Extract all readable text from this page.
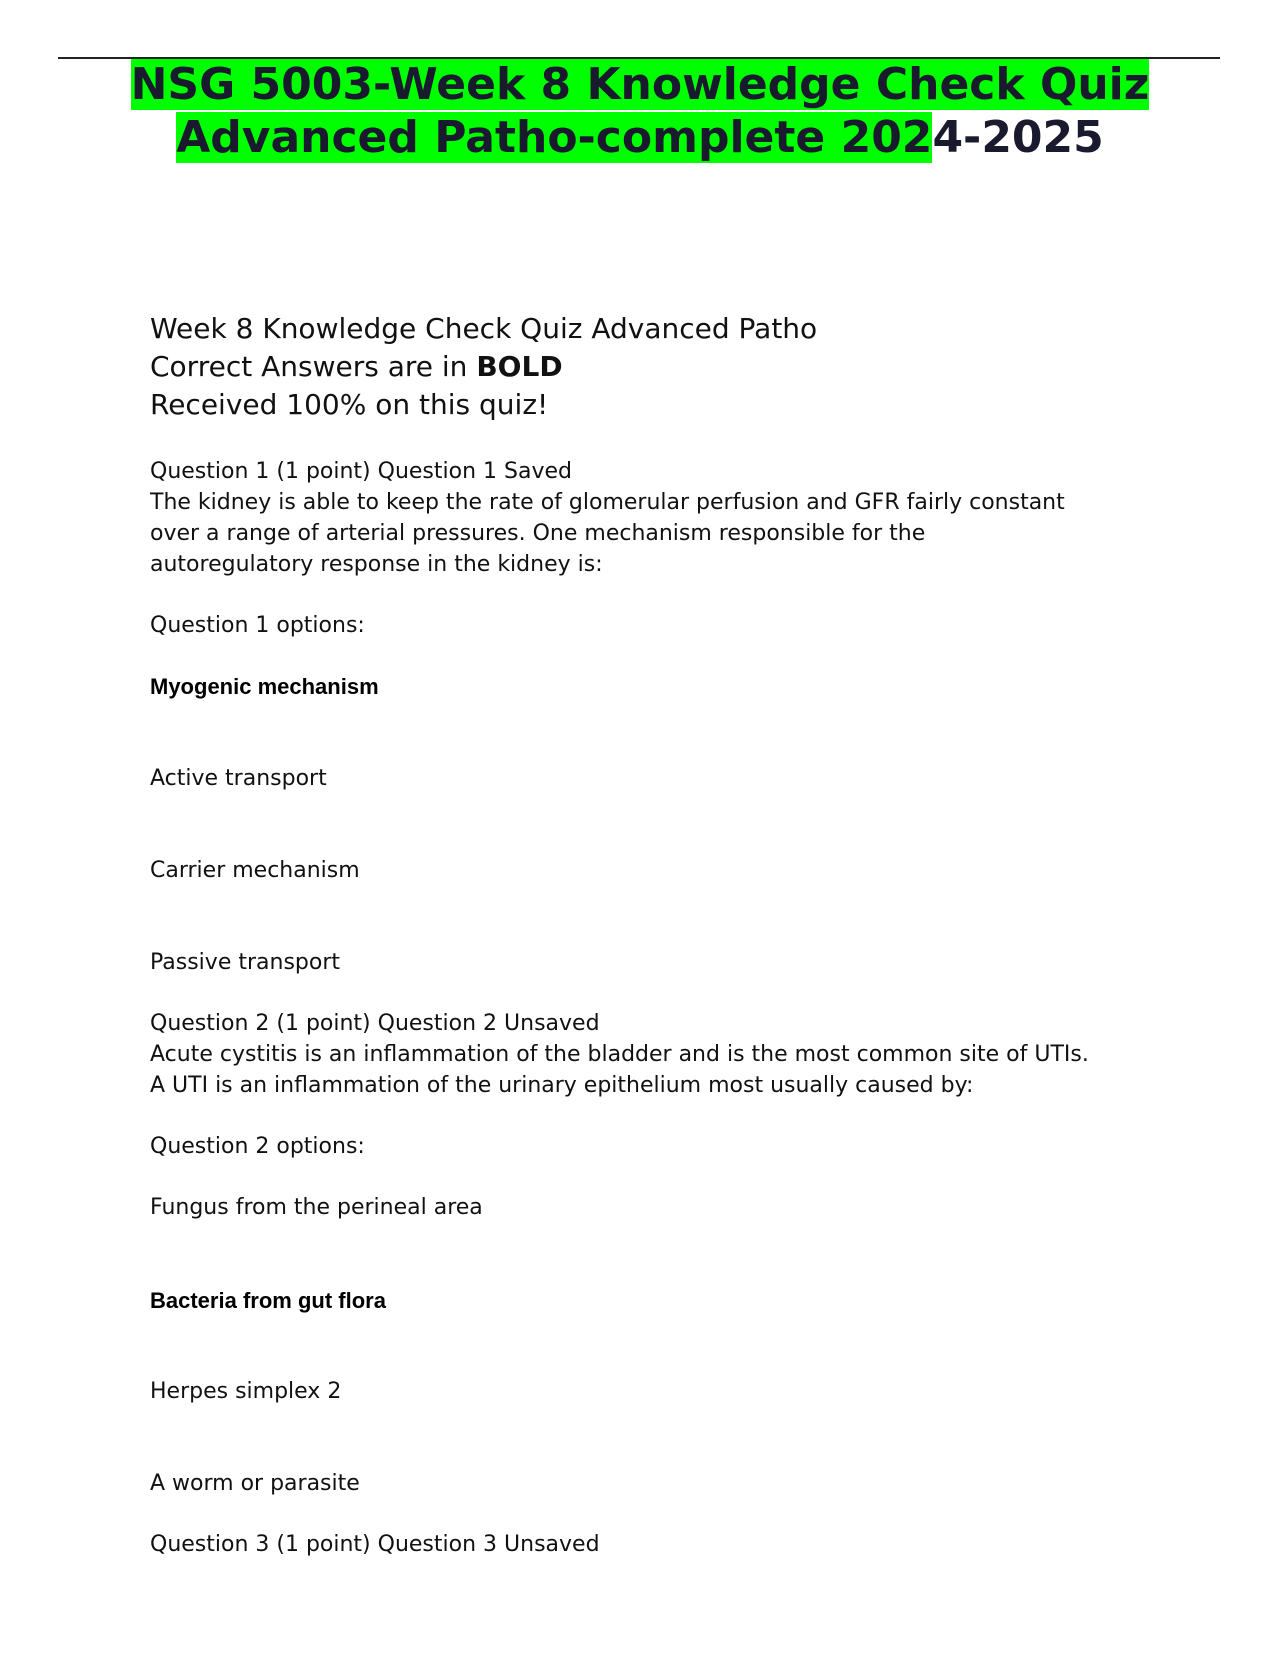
NSG 5003-Week 8 Knowledge Check Quiz Advanced Patho-complete 2024-2025
Week 8 Knowledge Check Quiz Advanced Patho
Correct Answers are in BOLD
Received 100% on this quiz!
Question 1 (1 point) Question 1 Saved
The kidney is able to keep the rate of glomerular perfusion and GFR fairly constant
over a range of arterial pressures. One mechanism responsible for the
autoregulatory response in the kidney is:
Question 1 options:
Myogenic mechanism
Active transport
Carrier mechanism
Passive transport
Question 2 (1 point) Question 2 Unsaved
Acute cystitis is an inflammation of the bladder and is the most common site of UTIs.
A UTI is an inflammation of the urinary epithelium most usually caused by:
Question 2 options:
Fungus from the perineal area
Bacteria from gut flora
Herpes simplex 2
A worm or parasite
Question 3 (1 point) Question 3 Unsaved
